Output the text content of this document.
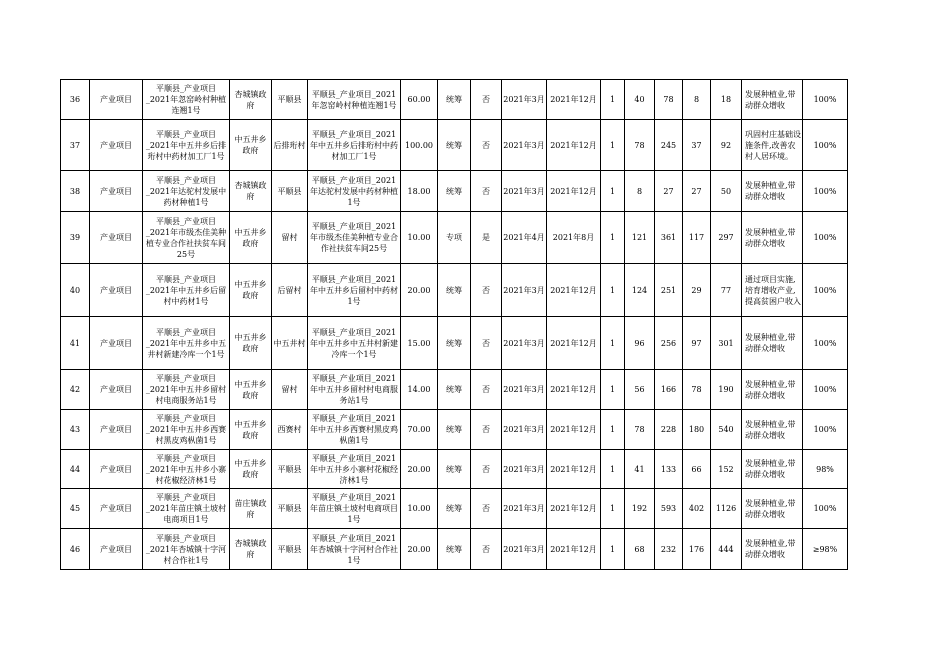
36	产业项目	平顺县_产业项目_2021年忽窑岭村种植连翘1号	杏城镇政府	平顺县	平顺县_产业项目_2021年忽窑岭村种植连翘1号	60.00	统筹	否	2021年3月	2021年12月	1	40	78	8	18	发展种植业,带动群众增收	100%
37	产业项目	平顺县_产业项目_2021年中五井乡后排珩村中药材加工厂1号	中五井乡政府	后排珩村	平顺县_产业项目_2021年中五井乡后排珩村中药材加工厂1号	100.00	统筹	否	2021年3月	2021年12月	1	78	245	37	92	巩固村庄基础设施条件,改善农村人居环境。	100%
38	产业项目	平顺县_产业项目_2021年达驼村发展中药材种植1号	杏城镇政府	平顺县	平顺县_产业项目_2021年达驼村发展中药材种植1号	18.00	统筹	否	2021年3月	2021年12月	1	8	27	27	50	发展种植业,带动群众增收	100%
39	产业项目	平顺县_产业项目_2021年市级杰佳美种植专业合作社扶贫车间25号	中五井乡政府	留村	平顺县_产业项目_2021年市级杰佳美种植专业合作社扶贫车间25号	10.00	专项	是	2021年4月	2021年8月	1	121	361	117	297	发展种植业,带动群众增收	100%
40	产业项目	平顺县_产业项目_2021年中五井乡后留村中药材1号	中五井乡政府	后留村	平顺县_产业项目_2021年中五井乡后留村中药材1号	20.00	统筹	否	2021年3月	2021年12月	1	124	251	29	77	通过项目实施,培育增收产业,提高贫困户收入	100%
41	产业项目	平顺县_产业项目_2021年中五井乡中五井村新建冷库一个1号	中五井乡政府	中五井村	平顺县_产业项目_2021年中五井乡中五井村新建冷库一个1号	15.00	统筹	否	2021年3月	2021年12月	1	96	256	97	301	发展种植业,带动群众增收	100%
42	产业项目	平顺县_产业项目_2021年中五井乡留村村电商服务站1号	中五井乡政府	留村	平顺县_产业项目_2021年中五井乡留村村电商服务站1号	14.00	统筹	否	2021年3月	2021年12月	1	56	166	78	190	发展种植业,带动群众增收	100%
43	产业项目	平顺县_产业项目_2021年中五井乡西赛村黑皮鸡枞菌1号	中五井乡政府	西赛村	平顺县_产业项目_2021年中五井乡西赛村黑皮鸡枞菌1号	70.00	统筹	否	2021年3月	2021年12月	1	78	228	180	540	发展种植业,带动群众增收	100%
44	产业项目	平顺县_产业项目_2021年中五井乡小寨村花椒经济林1号	中五井乡政府	平顺县	平顺县_产业项目_2021年中五井乡小寨村花椒经济林1号	20.00	统筹	否	2021年3月	2021年12月	1	41	133	66	152	发展种植业,带动群众增收	98%
45	产业项目	平顺县_产业项目_2021年苗庄镇土坡村电商项目1号	苗庄镇政府	平顺县	平顺县_产业项目_2021年苗庄镇土坡村电商项目1号	10.00	统筹	否	2021年3月	2021年12月	1	192	593	402	1126	发展种植业,带动群众增收	100%
46	产业项目	平顺县_产业项目_2021年杏城镇十字河村合作社1号	杏城镇政府	平顺县	平顺县_产业项目_2021年杏城镇十字河村合作社1号	20.00	统筹	否	2021年3月	2021年12月	1	68	232	176	444	发展种植业,带动群众增收	≥98%
